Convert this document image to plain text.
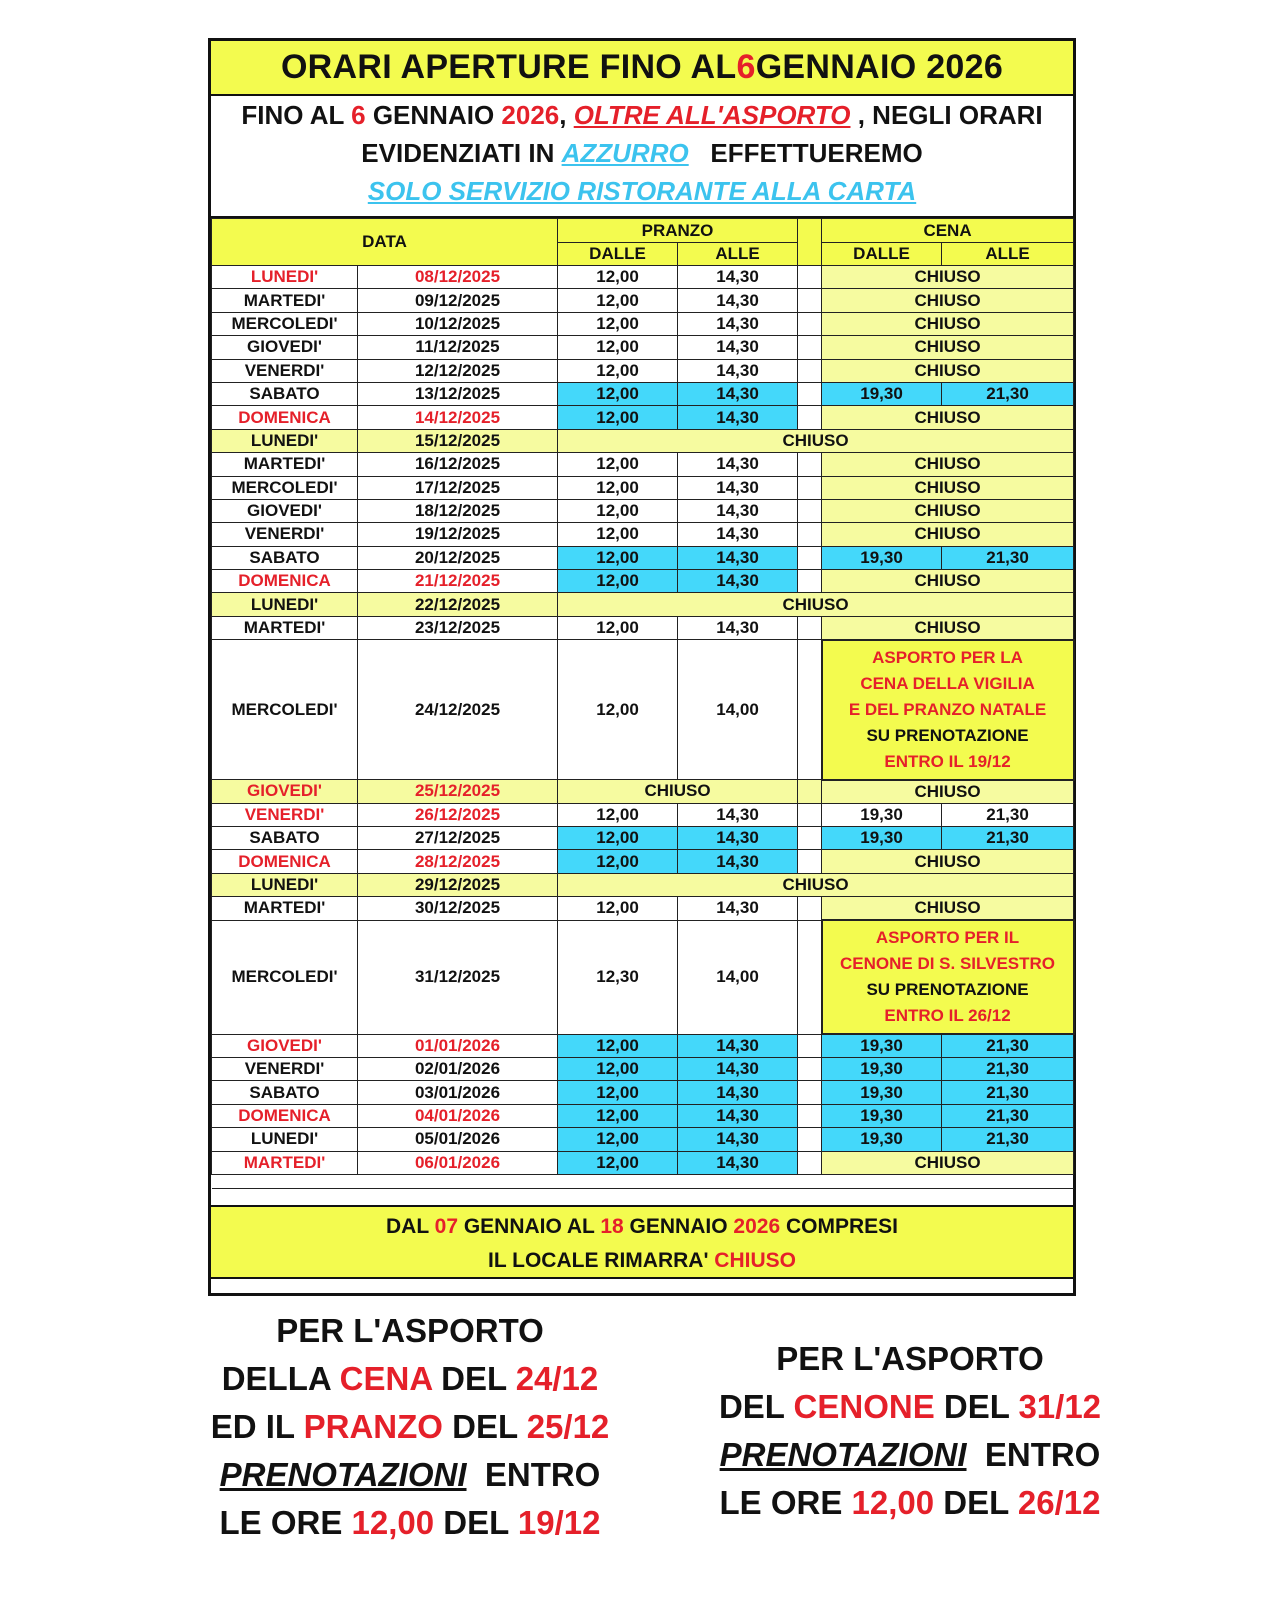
ORARI APERTURE FINO AL 6 GENNAIO 2026
FINO AL 6 GENNAIO 2026, OLTRE ALL'ASPORTO , NEGLI ORARI
EVIDENZIATI IN AZZURRO   EFFETTUEREMO
SOLO SERVIZIO RISTORANTE ALLA CARTA
DATA		PRANZO			CENA	
		DALLE	ALLE		DALLE	ALLE
LUNEDI'	08/12/2025	12,00	14,30		CHIUSO	
MARTEDI'	09/12/2025	12,00	14,30		CHIUSO	
MERCOLEDI'	10/12/2025	12,00	14,30		CHIUSO	
GIOVEDI'	11/12/2025	12,00	14,30		CHIUSO	
VENERDI'	12/12/2025	12,00	14,30		CHIUSO	
SABATO	13/12/2025	12,00	14,30		19,30	21,30
DOMENICA	14/12/2025	12,00	14,30		CHIUSO	
LUNEDI'	15/12/2025	CHIUSO				
MARTEDI'	16/12/2025	12,00	14,30		CHIUSO	
MERCOLEDI'	17/12/2025	12,00	14,30		CHIUSO	
GIOVEDI'	18/12/2025	12,00	14,30		CHIUSO	
VENERDI'	19/12/2025	12,00	14,30		CHIUSO	
SABATO	20/12/2025	12,00	14,30		19,30	21,30
DOMENICA	21/12/2025	12,00	14,30		CHIUSO	
LUNEDI'	22/12/2025	CHIUSO				
MARTEDI'	23/12/2025	12,00	14,30		CHIUSO	
MERCOLEDI'	24/12/2025	12,00	14,00		ASPORTO PER LA
CENA DELLA VIGILIA
E DEL PRANZO NATALE
SU PRENOTAZIONE
ENTRO IL 19/12	

GIOVEDI'	25/12/2025	CHIUSO			CHIUSO	
VENERDI'	26/12/2025	12,00	14,30		19,30	21,30
SABATO	27/12/2025	12,00	14,30		19,30	21,30
DOMENICA	28/12/2025	12,00	14,30		CHIUSO	
LUNEDI'	29/12/2025	CHIUSO				
MARTEDI'	30/12/2025	12,00	14,30		CHIUSO	
MERCOLEDI'	31/12/2025	12,30	14,00		ASPORTO PER IL
CENONE DI S. SILVESTRO
SU PRENOTAZIONE
ENTRO IL 26/12	

GIOVEDI'	01/01/2026	12,00	14,30		19,30	21,30
VENERDI'	02/01/2026	12,00	14,30		19,30	21,30
SABATO	03/01/2026	12,00	14,30		19,30	21,30
DOMENICA	04/01/2026	12,00	14,30		19,30	21,30
LUNEDI'	05/01/2026	12,00	14,30		19,30	21,30
MARTEDI'	06/01/2026	12,00	14,30		CHIUSO	

DAL 07 GENNAIO AL 18 GENNAIO 2026 COMPRESI
IL LOCALE RIMARRA' CHIUSO
PER L'ASPORTO
DELLA CENA DEL 24/12
ED IL PRANZO DEL 25/12
PRENOTAZIONI  ENTRO
LE ORE 12,00 DEL 19/12
PER L'ASPORTO
DEL CENONE DEL 31/12
PRENOTAZIONI  ENTRO
LE ORE 12,00 DEL 26/12
